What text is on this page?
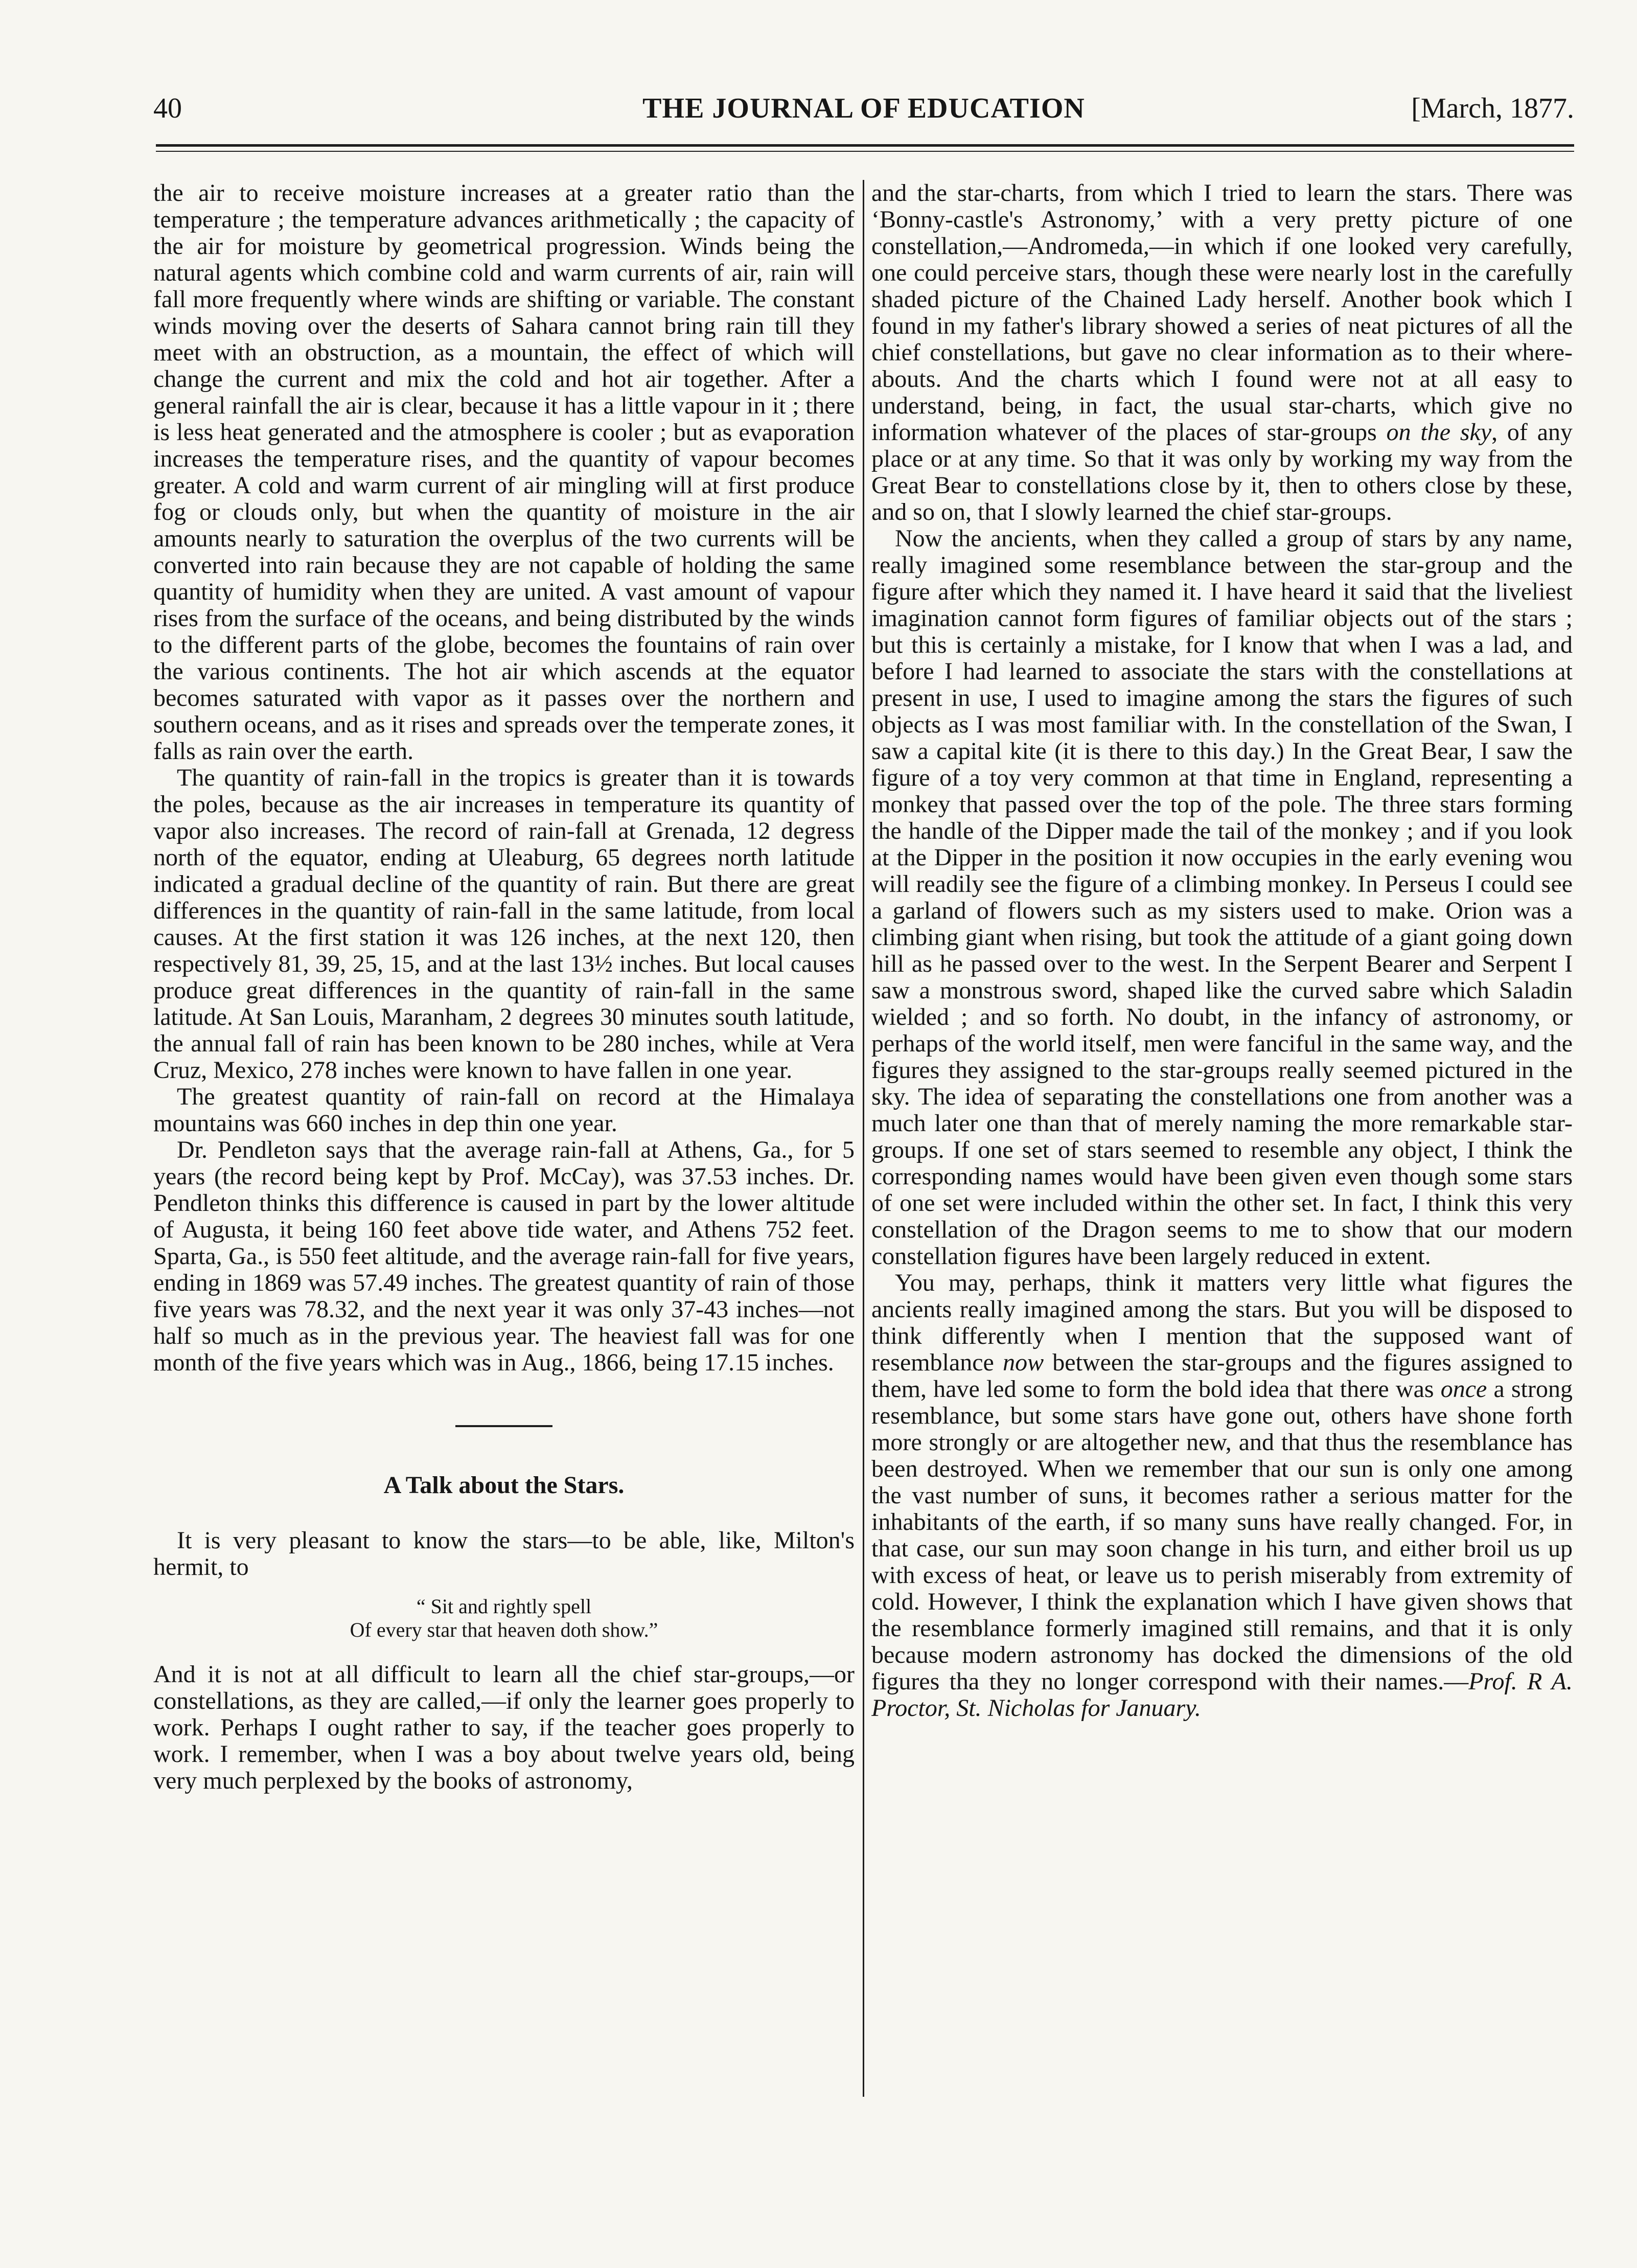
40	THE JOURNAL OF EDUCATION	[March, 1877.

the air to receive moisture increases at a greater ratio than the temperature ; the temperature advances arithmetically ; the capacity of the air for moisture by geometrical progression. Winds being the natural agents which combine cold and warm currents of air, rain will fall more frequently where winds are shifting or variable. The constant winds moving over the deserts of Sahara cannot bring rain till they meet with an obstruction, as a mountain, the effect of which will change the current and mix the cold and hot air together. After a general rainfall the air is clear, because it has a little vapour in it ; there is less heat generated and the atmosphere is cooler ; but as evaporation increases the temperature rises, and the quantity of vapour becomes greater. A cold and warm current of air mingling will at first produce fog or clouds only, but when the quantity of moisture in the air amounts nearly to saturation the overplus of the two currents will be converted into rain because they are not capable of holding the same quantity of humidity when they are united. A vast amount of vapour rises from the surface of the oceans, and being distributed by the winds to the different parts of the globe, becomes the fountains of rain over the various continents. The hot air which ascends at the equator becomes saturated with vapor as it passes over the northern and southern oceans, and as it rises and spreads over the temperate zones, it falls as rain over the earth.

The quantity of rain-fall in the tropics is greater than it is towards the poles, because as the air increases in temperature its quantity of vapor also increases. The record of rain-fall at Grenada, 12 degress north of the equator, ending at Uleaburg, 65 degrees north latitude indicated a gradual decline of the quantity of rain. But there are great differences in the quantity of rain-fall in the same latitude, from local causes. At the first station it was 126 inches, at the next 120, then respectively 81, 39, 25, 15, and at the last 13½ inches. But local causes produce great differences in the quantity of rain-fall in the same latitude. At San Louis, Maranham, 2 degrees 30 minutes south latitude, the annual fall of rain has been known to be 280 inches, while at Vera Cruz, Mexico, 278 inches were known to have fallen in one year.

The greatest quantity of rain-fall on record at the Himalaya mountains was 660 inches in dep thin one year.

Dr. Pendleton says that the average rain-fall at Athens, Ga., for 5 years (the record being kept by Prof. McCay), was 37.53 inches. Dr. Pendleton thinks this difference is caused in part by the lower altitude of Augusta, it being 160 feet above tide water, and Athens 752 feet. Sparta, Ga., is 550 feet altitude, and the average rain-fall for five years, ending in 1869 was 57.49 inches. The greatest quantity of rain of those five years was 78.32, and the next year it was only 37-43 inches—not half so much as in the previous year. The heaviest fall was for one month of the five years which was in Aug., 1866, being 17.15 inches.

A Talk about the Stars.

It is very pleasant to know the stars—to be able, like, Milton's hermit, to

“ Sit and rightly spell
Of every star that heaven doth show.”

And it is not at all difficult to learn all the chief star-groups,—or constellations, as they are called,—if only the learner goes properly to work. Perhaps I ought rather to say, if the teacher goes properly to work. I remember, when I was a boy about twelve years old, being very much perplexed by the books of astronomy,

and the star-charts, from which I tried to learn the stars. There was ‘Bonny-castle's Astronomy,’ with a very pretty picture of one constellation,—Andromeda,—in which if one looked very carefully, one could perceive stars, though these were nearly lost in the carefully shaded picture of the Chained Lady herself. Another book which I found in my father's library showed a series of neat pictures of all the chief constellations, but gave no clear information as to their where-abouts. And the charts which I found were not at all easy to understand, being, in fact, the usual star-charts, which give no information whatever of the places of star-groups on the sky, of any place or at any time. So that it was only by working my way from the Great Bear to constellations close by it, then to others close by these, and so on, that I slowly learned the chief star-groups.

Now the ancients, when they called a group of stars by any name, really imagined some resemblance between the star-group and the figure after which they named it. I have heard it said that the liveliest imagination cannot form figures of familiar objects out of the stars ; but this is certainly a mistake, for I know that when I was a lad, and before I had learned to associate the stars with the constellations at present in use, I used to imagine among the stars the figures of such objects as I was most familiar with. In the constellation of the Swan, I saw a capital kite (it is there to this day.) In the Great Bear, I saw the figure of a toy very common at that time in England, representing a monkey that passed over the top of the pole. The three stars forming the handle of the Dipper made the tail of the monkey ; and if you look at the Dipper in the position it now occupies in the early evening wou will readily see the figure of a climbing monkey. In Perseus I could see a garland of flowers such as my sisters used to make. Orion was a climbing giant when rising, but took the attitude of a giant going down hill as he passed over to the west. In the Serpent Bearer and Serpent I saw a monstrous sword, shaped like the curved sabre which Saladin wielded ; and so forth. No doubt, in the infancy of astronomy, or perhaps of the world itself, men were fanciful in the same way, and the figures they assigned to the star-groups really seemed pictured in the sky. The idea of separating the constellations one from another was a much later one than that of merely naming the more remarkable star-groups. If one set of stars seemed to resemble any object, I think the corresponding names would have been given even though some stars of one set were included within the other set. In fact, I think this very constellation of the Dragon seems to me to show that our modern constellation figures have been largely reduced in extent.

You may, perhaps, think it matters very little what figures the ancients really imagined among the stars. But you will be disposed to think differently when I mention that the supposed want of resemblance now between the star-groups and the figures assigned to them, have led some to form the bold idea that there was once a strong resemblance, but some stars have gone out, others have shone forth more strongly or are altogether new, and that thus the resemblance has been destroyed. When we remember that our sun is only one among the vast number of suns, it becomes rather a serious matter for the inhabitants of the earth, if so many suns have really changed. For, in that case, our sun may soon change in his turn, and either broil us up with excess of heat, or leave us to perish miserably from extremity of cold. However, I think the explanation which I have given shows that the resemblance formerly imagined still remains, and that it is only because modern astronomy has docked the dimensions of the old figures tha they no longer correspond with their names.—Prof. R A. Proctor, St. Nicholas for January.
